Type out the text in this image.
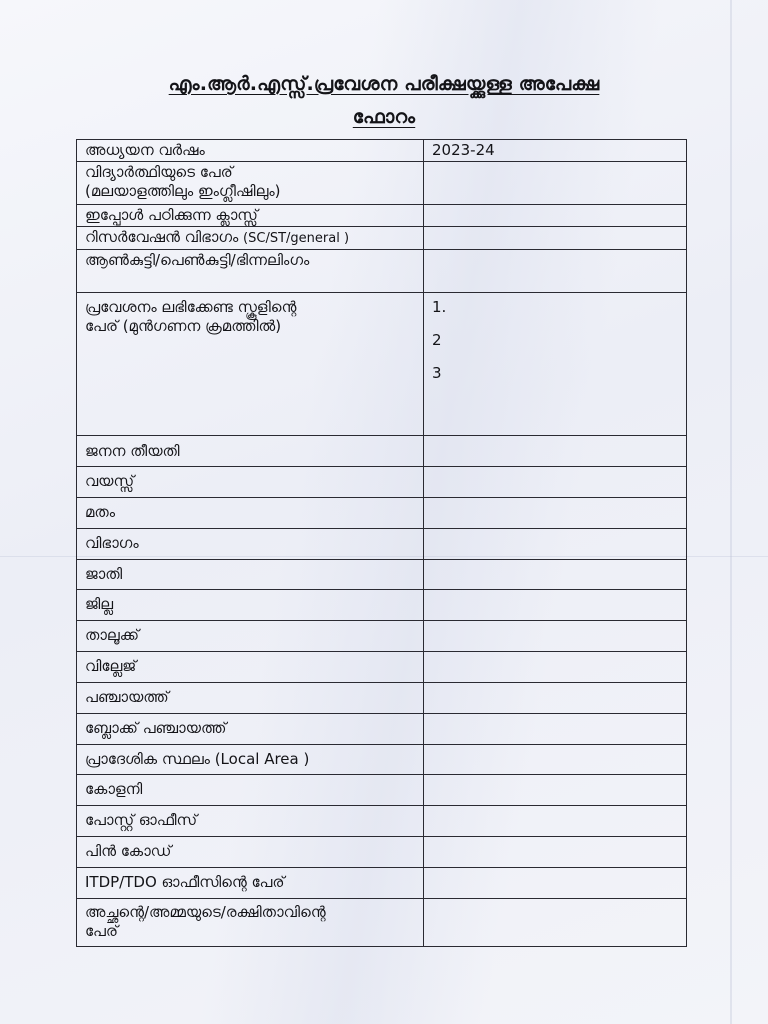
എം.ആർ.എസ്സ്.പ്രവേശന പരീക്ഷയ്ക്കുള്ള അപേക്ഷ
ഫോറം
അധ്യയന വർഷം	2023-24

വിദ്യാർത്ഥിയുടെ പേര്
(മലയാളത്തിലും ഇംഗ്ലീഷിലും)	

ഇപ്പോൾ പഠിക്കുന്ന ക്ലാസ്സ്	
റിസർവേഷൻ വിഭാഗം (SC/ST/general )	
ആൺകുട്ടി/പെൺകുട്ടി/ഭിന്നലിംഗം	

പ്രവേശനം ലഭിക്കേണ്ട സ്കൂളിന്റെ
പേര് (മുൻഗണന ക്രമത്തിൽ)	1.
2
3

ജനന തീയതി	
വയസ്സ്	
മതം	
വിഭാഗം	
ജാതി	
ജില്ല	
താലൂക്ക്	
വില്ലേജ്	
പഞ്ചായത്ത്	
ബ്ലോക്ക് പഞ്ചായത്ത്	
പ്രാദേശിക സ്ഥലം (Local Area )	
കോളനി	
പോസ്റ്റ് ഓഫീസ്	
പിൻ കോഡ്	
ITDP/TDO ഓഫീസിന്റെ പേര്	

അച്ഛന്റെ/അമ്മയുടെ/രക്ഷിതാവിന്റെ
പേര്	
